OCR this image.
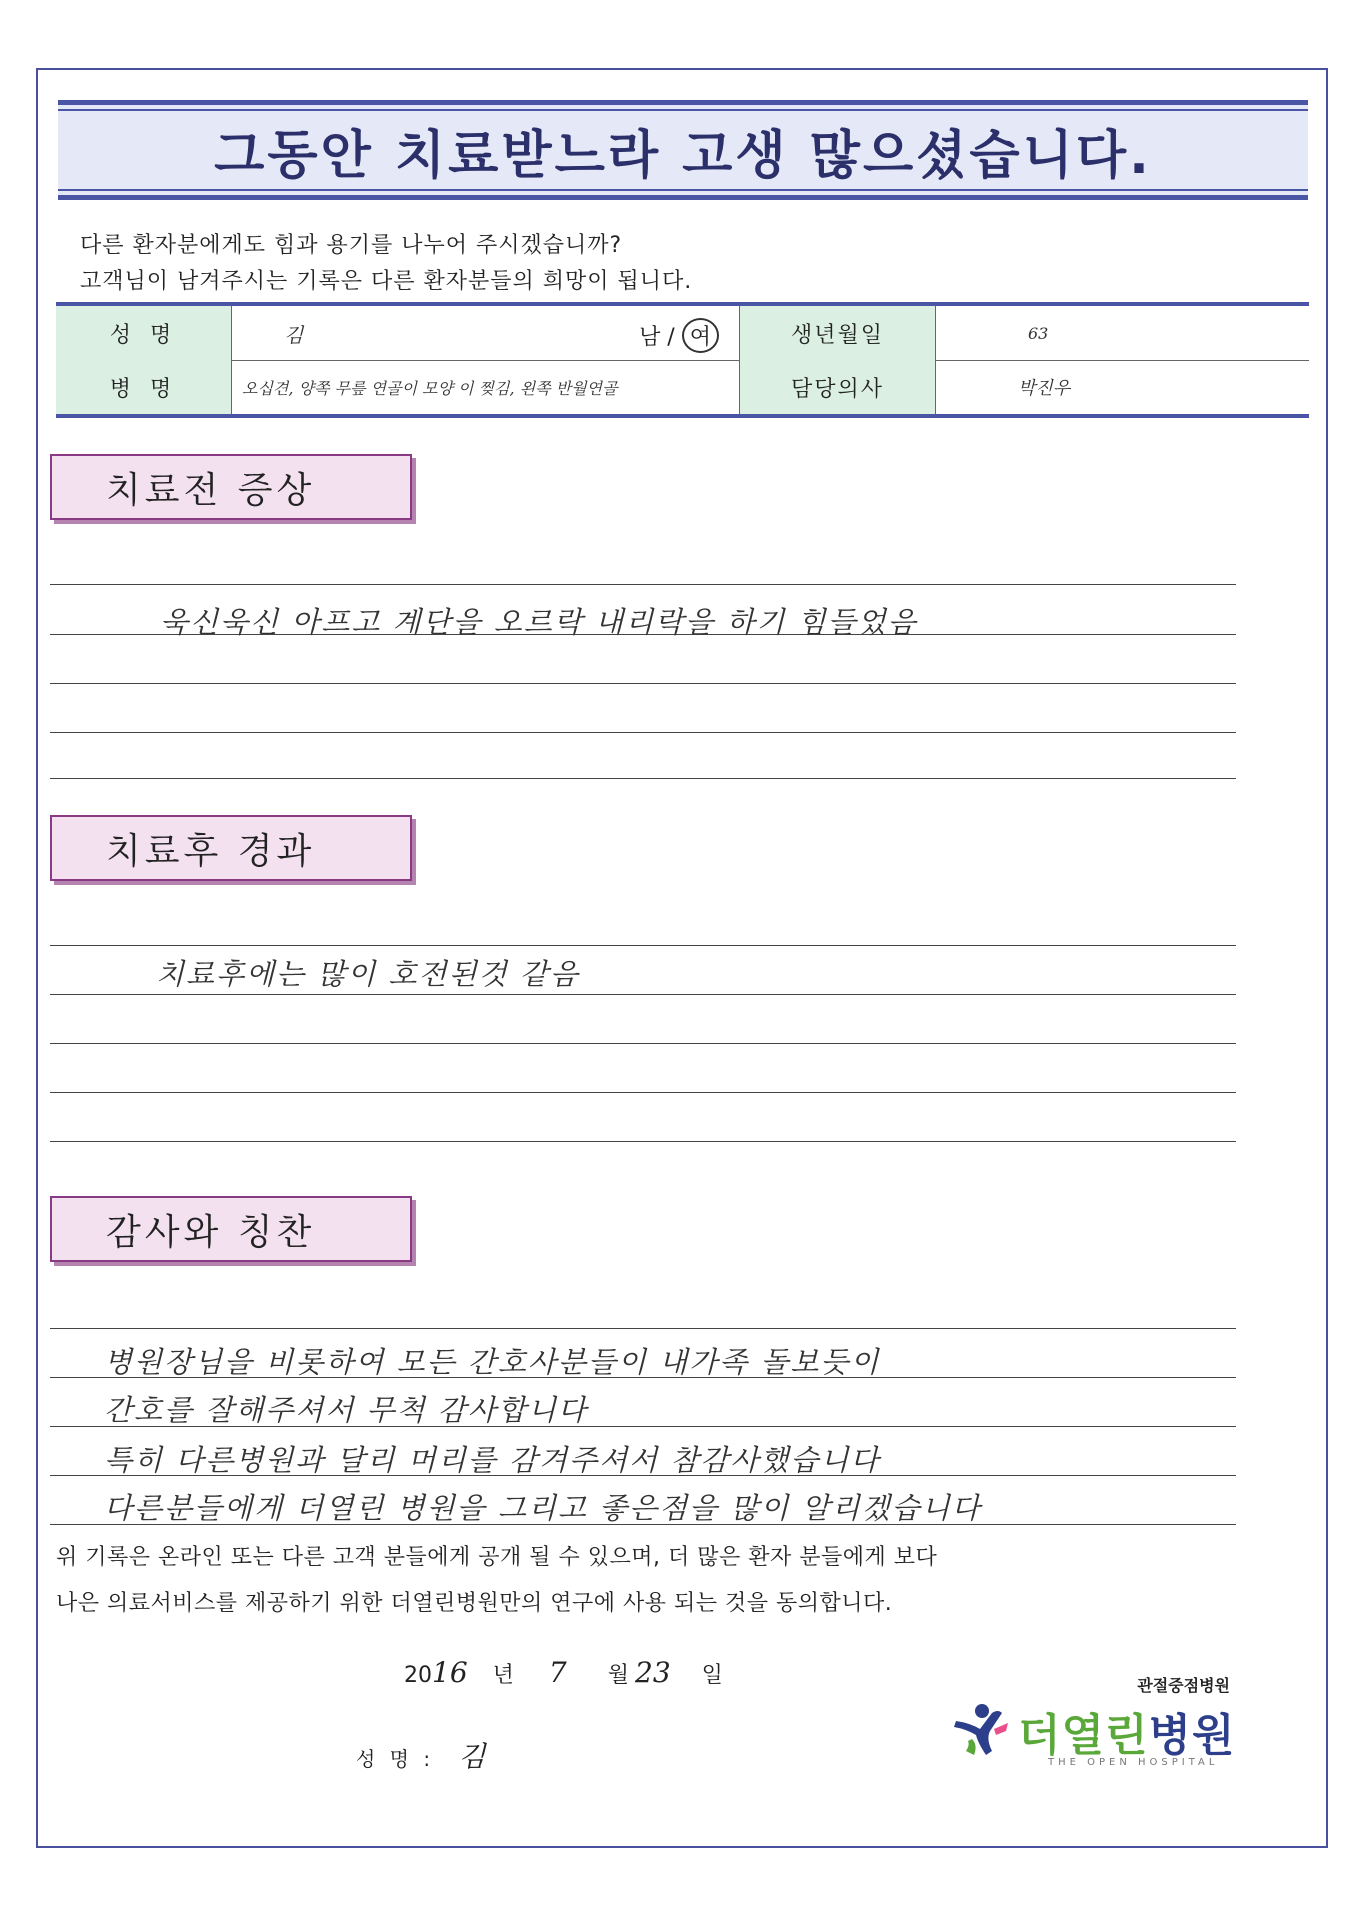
그동안 치료받느라 고생 많으셨습니다.
다른 환자분에게도 힘과 용기를 나누어 주시겠습니까?
고객님이 남겨주시는 기록은 다른 환자분들의 희망이 됩니다.
성 명	김	남 / 여	생년월일	63
병 명	오십견, 양쪽 무릎 연골이 모양 이 찢김, 왼쪽 반월연골	담당의사	박진우
치료전 증상
욱신욱신 아프고 계단을 오르락 내리락을 하기 힘들었음
치료후 경과
치료후에는 많이 호전된것 같음
감사와 칭찬
병원장님을 비롯하여 모든 간호사분들이 내가족 돌보듯이
간호를 잘해주셔서 무척 감사합니다
특히 다른병원과 달리 머리를 감겨주셔서 참감사했습니다
다른분들에게 더열린 병원을 그리고 좋은점을 많이 알리겠습니다
위 기록은 온라인 또는 다른 고객 분들에게 공개 될 수 있으며, 더 많은 환자 분들에게 보다
나은 의료서비스를 제공하기 위한 더열린병원만의 연구에 사용 되는 것을 동의합니다.
2016 년 7 월 23 일
성 명 : 김
관절중점병원
더열린병원
THE OPEN HOSPITAL
